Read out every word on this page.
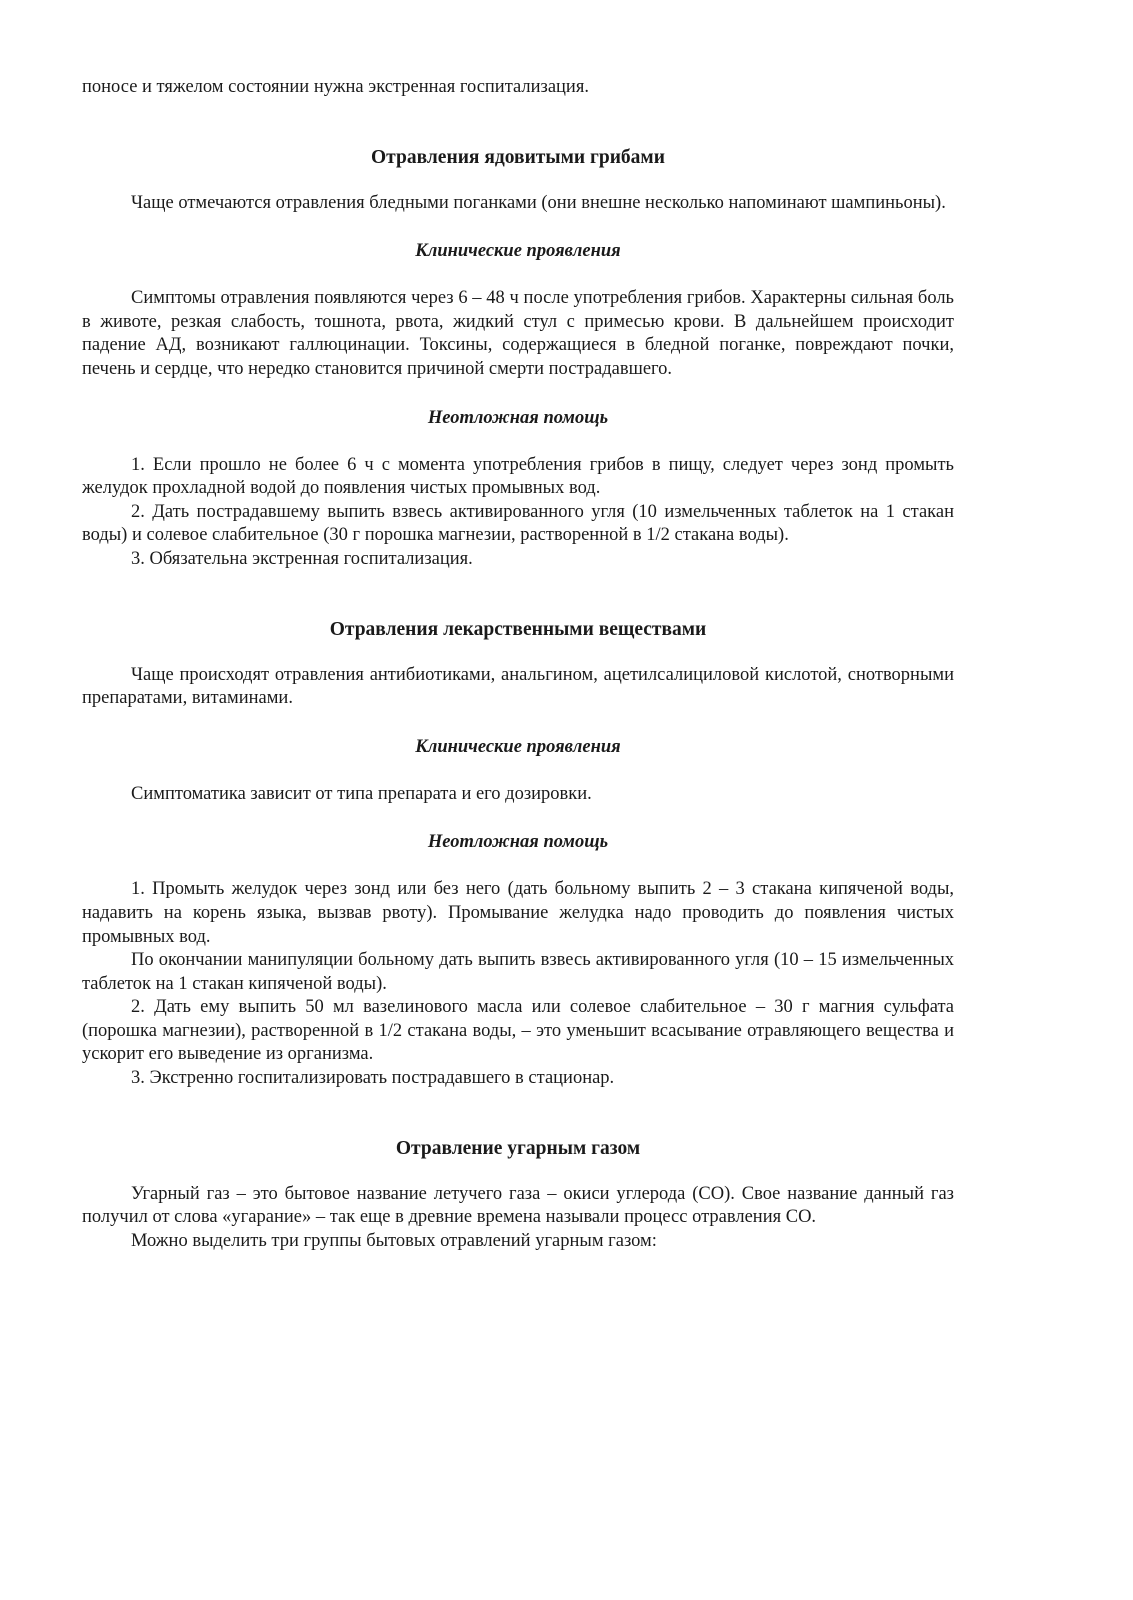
поносе и тяжелом состоянии нужна экстренная госпитализация.

Отравления ядовитыми грибами

Чаще отмечаются отравления бледными поганками (они внешне несколько напоминают шампиньоны).

Клинические проявления

Симптомы отравления появляются через 6 – 48 ч после употребления грибов. Характерны сильная боль в животе, резкая слабость, тошнота, рвота, жидкий стул с примесью крови. В дальнейшем происходит падение АД, возникают галлюцинации. Токсины, содержащиеся в бледной поганке, повреждают почки, печень и сердце, что нередко становится причиной смерти пострадавшего.

Неотложная помощь

1. Если прошло не более 6 ч с момента употребления грибов в пищу, следует через зонд промыть желудок прохладной водой до появления чистых промывных вод.

2. Дать пострадавшему выпить взвесь активированного угля (10 измельченных таблеток на 1 стакан воды) и солевое слабительное (30 г порошка магнезии, растворенной в 1/2 стакана воды).

3. Обязательна экстренная госпитализация.

Отравления лекарственными веществами

Чаще происходят отравления антибиотиками, анальгином, ацетилсалициловой кислотой, снотворными препаратами, витаминами.

Клинические проявления

Симптоматика зависит от типа препарата и его дозировки.

Неотложная помощь

1. Промыть желудок через зонд или без него (дать больному выпить 2 – 3 стакана кипяченой воды, надавить на корень языка, вызвав рвоту). Промывание желудка надо проводить до появления чистых промывных вод.

По окончании манипуляции больному дать выпить взвесь активированного угля (10 – 15 измельченных таблеток на 1 стакан кипяченой воды).

2. Дать ему выпить 50 мл вазелинового масла или солевое слабительное – 30 г магния сульфата (порошка магнезии), растворенной в 1/2 стакана воды, – это уменьшит всасывание отравляющего вещества и ускорит его выведение из организма.

3. Экстренно госпитализировать пострадавшего в стационар.

Отравление угарным газом

Угарный газ – это бытовое название летучего газа – окиси углерода (СО). Свое название данный газ получил от слова «угарание» – так еще в древние времена называли процесс отравления СО.

Можно выделить три группы бытовых отравлений угарным газом:
